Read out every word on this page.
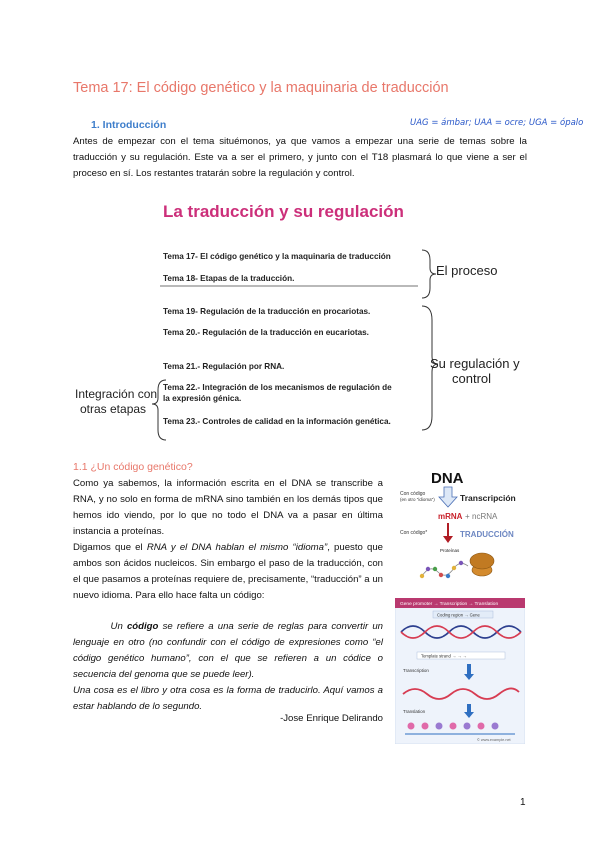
Tema 17: El código genético y la maquinaria de traducción
1. Introducción	UAG = ámbar; UAA = ocre; UGA = ópalo

Antes de empezar con el tema situémonos, ya que vamos a empezar una serie de temas sobre la traducción y su regulación. Este va a ser el primero, y junto con el T18 plasmará lo que viene a ser el proceso en sí. Los restantes tratarán sobre la regulación y control.

La traducción y su regulación
Tema 17- El código genético y la maquinaria de traducción
Tema 18- Etapas de la traducción.
Tema 19- Regulación de la traducción en procariotas.
Tema 20.- Regulación de la traducción en eucariotas.
Tema 21.- Regulación por RNA.
Tema 22.- Integración de los mecanismos de regulación de
la expresión génica.
Tema 23.- Controles de calidad en la información genética.
El proceso
Su regulación y
control
Integración con
otras etapas
1.1 ¿Un código genético?

Como ya sabemos, la información escrita en el DNA se transcribe a RNA, y no solo en forma de mRNA sino también en los demás tipos que hemos ido viendo, por lo que no todo el DNA va a pasar en última instancia a proteínas.

Digamos que el RNA y el DNA hablan el mismo “idioma”, puesto que ambos son ácidos nucleicos. Sin embargo el paso de la traducción, con el que pasamos a proteínas requiere de, precisamente, “traducción” a un nuevo idioma. Para ello hace falta un código:

Un código se refiere a una serie de reglas para convertir un lenguaje en otro (no confundir con el código de expresiones como “el código genético humano”, con el que se refieren a un códice o secuencia del genoma que se puede leer).
Una cosa es el libro y otra cosa es la forma de traducirlo. Aquí vamos a estar hablando de lo segundo.

-Jose Enrique Delirando
DNA
Con código
(en otro "idioma")	Transcripción
mRNA + ncRNA
Con código*	TRADUCCIÓN
Proteínas
Gene promoter → Transcription → Translation
Coding region → Gene
Template strand → → →
Transcription
Translation
© www.example.net
1
